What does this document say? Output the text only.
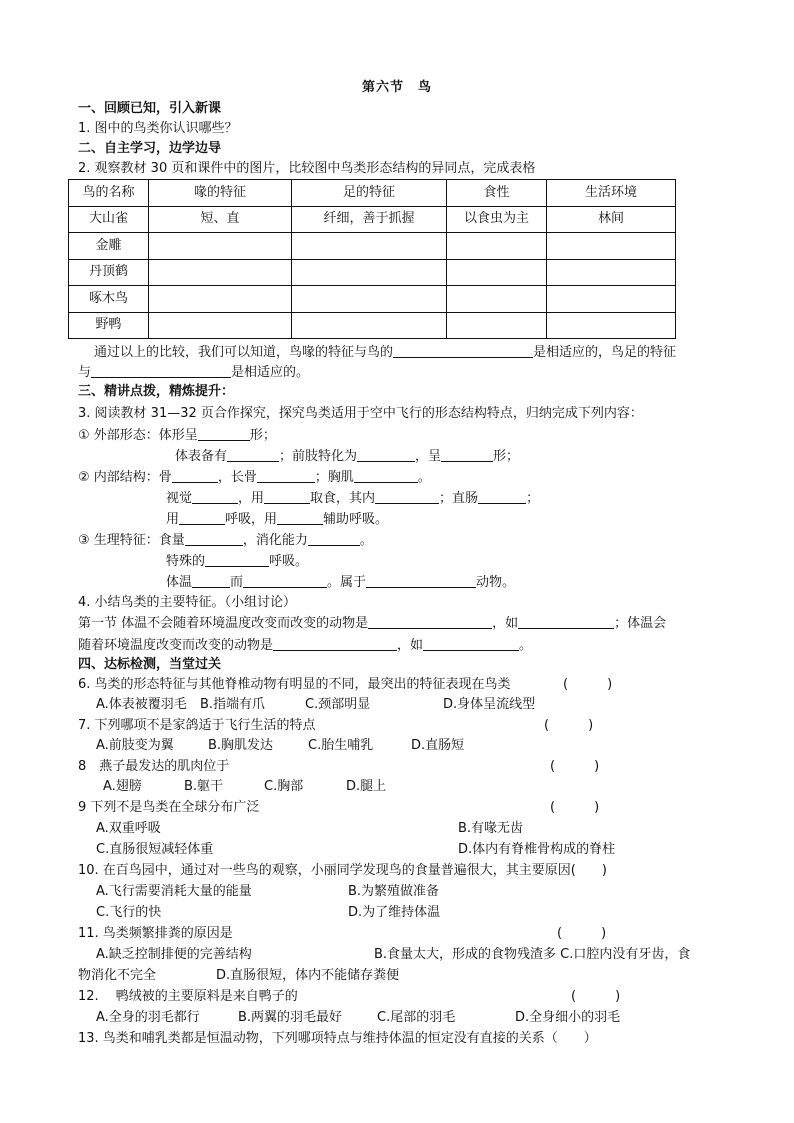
第六节　鸟
一、回顾已知，引入新课
1. 图中的鸟类你认识哪些？
二、自主学习，边学边导
2. 观察教材 30 页和课件中的图片，比较图中鸟类形态结构的异同点，完成表格
鸟的名称	喙的特征	足的特征	食性	生活环境
大山雀	短、直	纤细，善于抓握	以食虫为主	林间
金雕				
丹顶鹤				
啄木鸟				
野鸭				
通过以上的比较，我们可以知道，鸟喙的特征与鸟的	是相适应的，鸟足的特征
与	是相适应的。
三、精讲点拨，精炼提升：
3. 阅读教材 31—32 页合作探究，探究鸟类适用于空中飞行的形态结构特点，归纳完成下列内容：
① 外部形态：体形呈	形；
体表备有	；前肢特化为	，呈	形；
② 内部结构：骨	，长骨	；胸肌	。
视觉	，用	取食，其内	；直肠	；
用	呼吸，用	辅助呼吸。
③ 生理特征：食量	，消化能力	。
特殊的	呼吸。
体温	而	。属于	动物。
4. 小结鸟类的主要特征。（小组讨论）
第一节 体温不会随着环境温度改变而改变的动物是	，如	；体温会
随着环境温度改变而改变的动物是	，如	。
四、达标检测，当堂过关
6. 鸟类的形态特征与其他脊椎动物有明显的不同，最突出的特征表现在鸟类	(　　　)
A.体表被覆羽毛 B.指端有爪	C.颈部明显	D.身体呈流线型
7. 下列哪项不是家鸽适于飞行生活的特点	(　　　)
A.前肢变为翼	B.胸肌发达	C.胎生哺乳	D.直肠短
8　燕子最发达的肌肉位于	(　　　)
A.翅膀	B.躯干	C.胸部	D.腿上
9 下列不是鸟类在全球分布广泛	(　　　)
A.双重呼吸	B.有喙无齿
C.直肠很短减轻体重	D.体内有脊椎骨构成的脊柱
10. 在百鸟园中，通过对一些鸟的观察，小丽同学发现鸟的食量普遍很大，其主要原因(　　)
A.飞行需要消耗大量的能量	B.为繁殖做准备
C.飞行的快	D.为了维持体温
11. 鸟类频繁排粪的原因是	(　　　)
A.缺乏控制排便的完善结构	B.食量太大，形成的食物残渣多 C.口腔内没有牙齿，食
物消化不完全	D.直肠很短，体内不能储存粪便
12.　 鸭绒被的主要原料是来自鸭子的	(　　　)
A.全身的羽毛都行	B.两翼的羽毛最好	C.尾部的羽毛	D.全身细小的羽毛
13. 鸟类和哺乳类都是恒温动物，下列哪项特点与维持体温的恒定没有直接的关系（　　）
